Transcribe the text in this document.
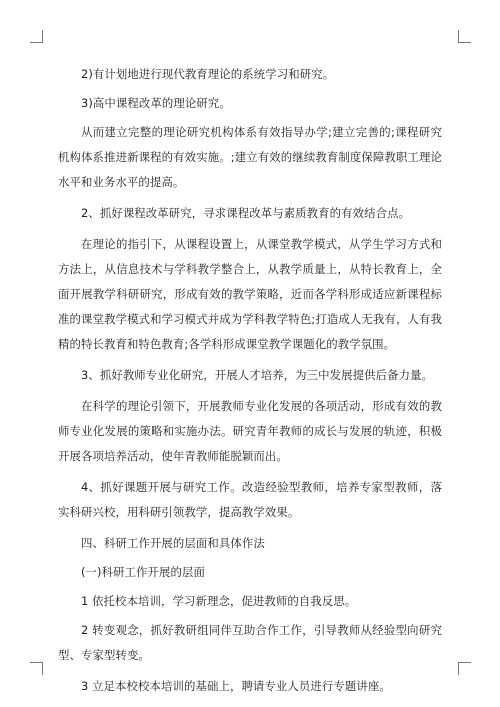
2)有计划地进行现代教育理论的系统学习和研究。

3)高中课程改革的理论研究。

从而建立完整的理论研究机构体系有效指导办学;建立完善的;课程研究机构体系推进新课程的有效实施。;建立有效的继续教育制度保障教职工理论水平和业务水平的提高。

2、抓好课程改革研究，寻求课程改革与素质教育的有效结合点。

在理论的指引下，从课程设置上，从课堂教学模式，从学生学习方式和方法上，从信息技术与学科教学整合上，从教学质量上，从特长教育上，全面开展教学科研研究，形成有效的教学策略，近而各学科形成适应新课程标准的课堂教学模式和学习模式并成为学科教学特色;打造成人无我有，人有我精的特长教育和特色教育;各学科形成课堂教学课题化的教学氛围。

3、抓好教师专业化研究，开展人才培养，为三中发展提供后备力量。

在科学的理论引领下，开展教师专业化发展的各项活动，形成有效的教师专业化发展的策略和实施办法。研究青年教师的成长与发展的轨迹，积极开展各项培养活动，使年青教师能脱颖而出。

4、抓好课题开展与研究工作。改造经验型教师，培养专家型教师，落实科研兴校，用科研引领教学，提高教学效果。

四、科研工作开展的层面和具体作法

(一)科研工作开展的层面

1 依托校本培训，学习新理念，促进教师的自我反思。

2 转变观念，抓好教研组同伴互助合作工作，引导教师从经验型向研究型、专家型转变。

3 立足本校校本培训的基础上，聘请专业人员进行专题讲座。
